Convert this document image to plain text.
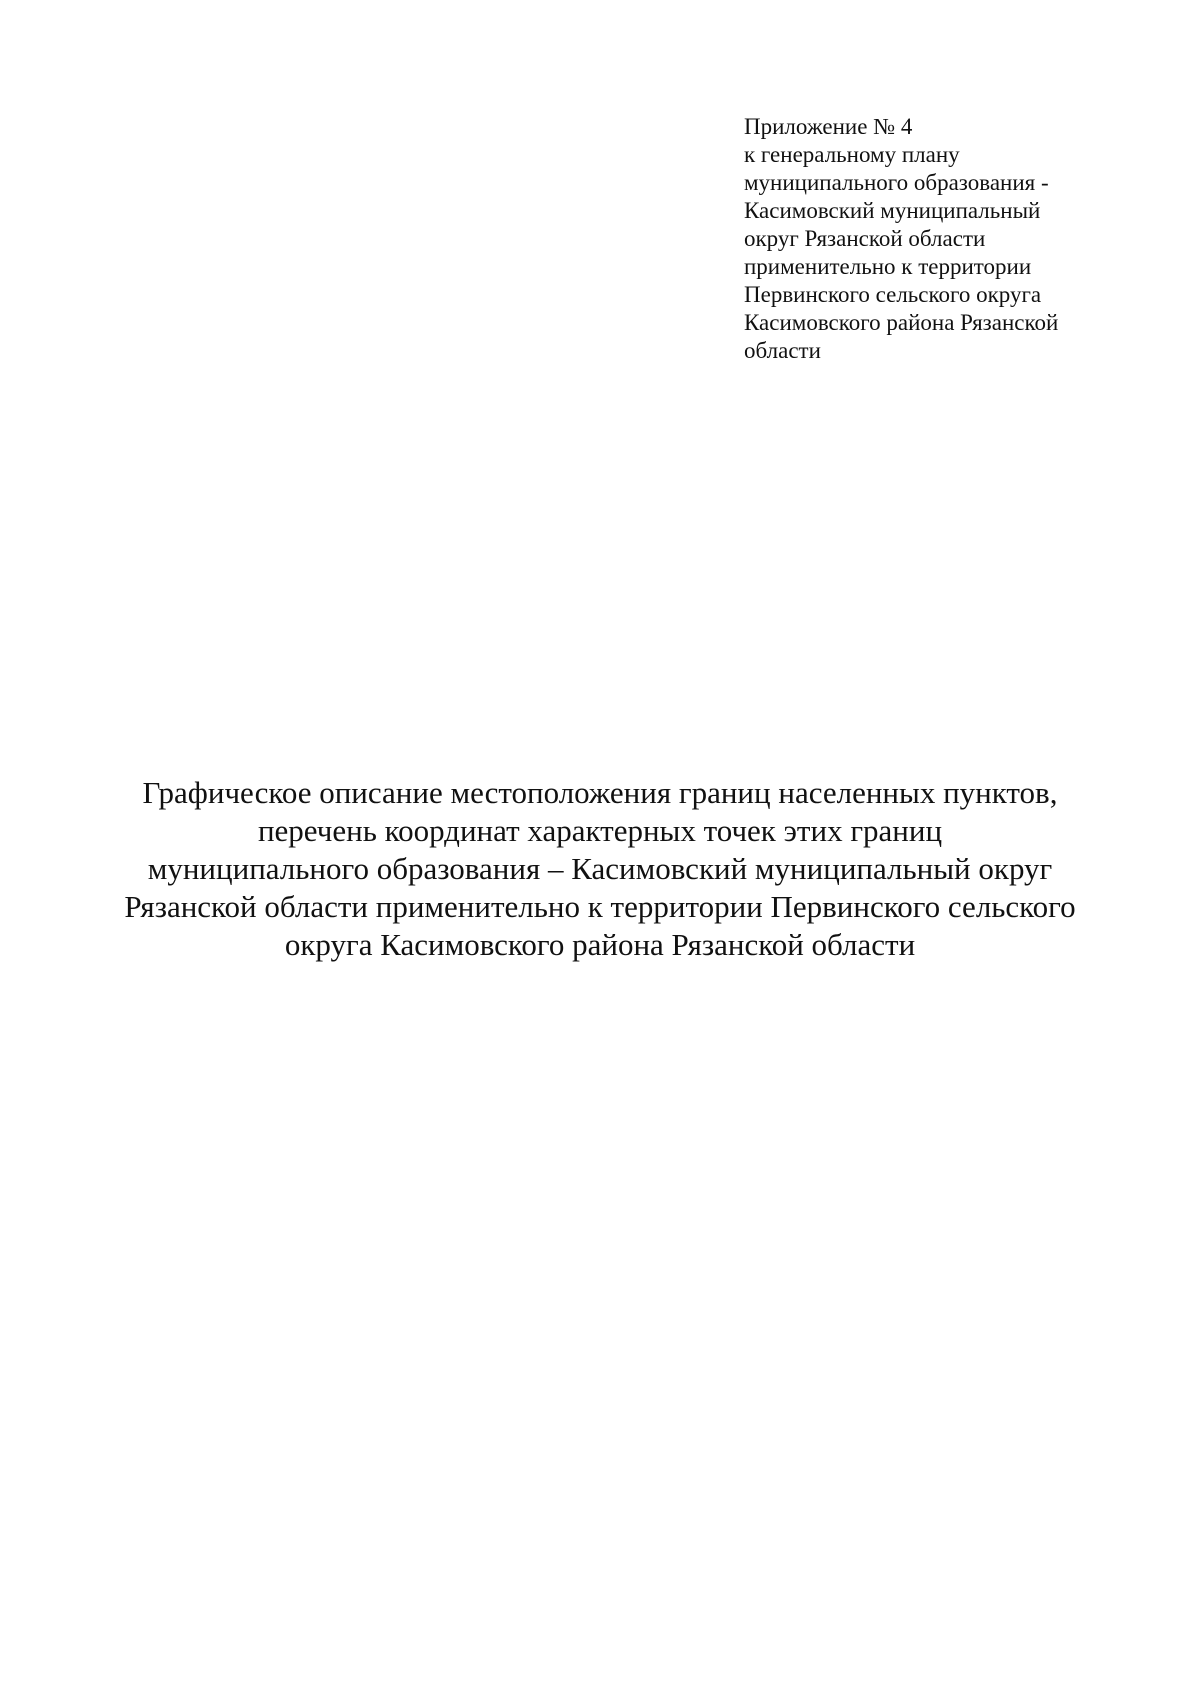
Приложение № 4
к генеральному плану
муниципального образования -
Касимовский муниципальный
округ Рязанской области
применительно к территории
Первинского сельского округа
Касимовского района Рязанской
области
Графическое описание местоположения границ населенных пунктов,
перечень координат характерных точек этих границ
муниципального образования – Касимовский муниципальный округ
Рязанской области применительно к территории Первинского сельского
округа Касимовского района Рязанской области
